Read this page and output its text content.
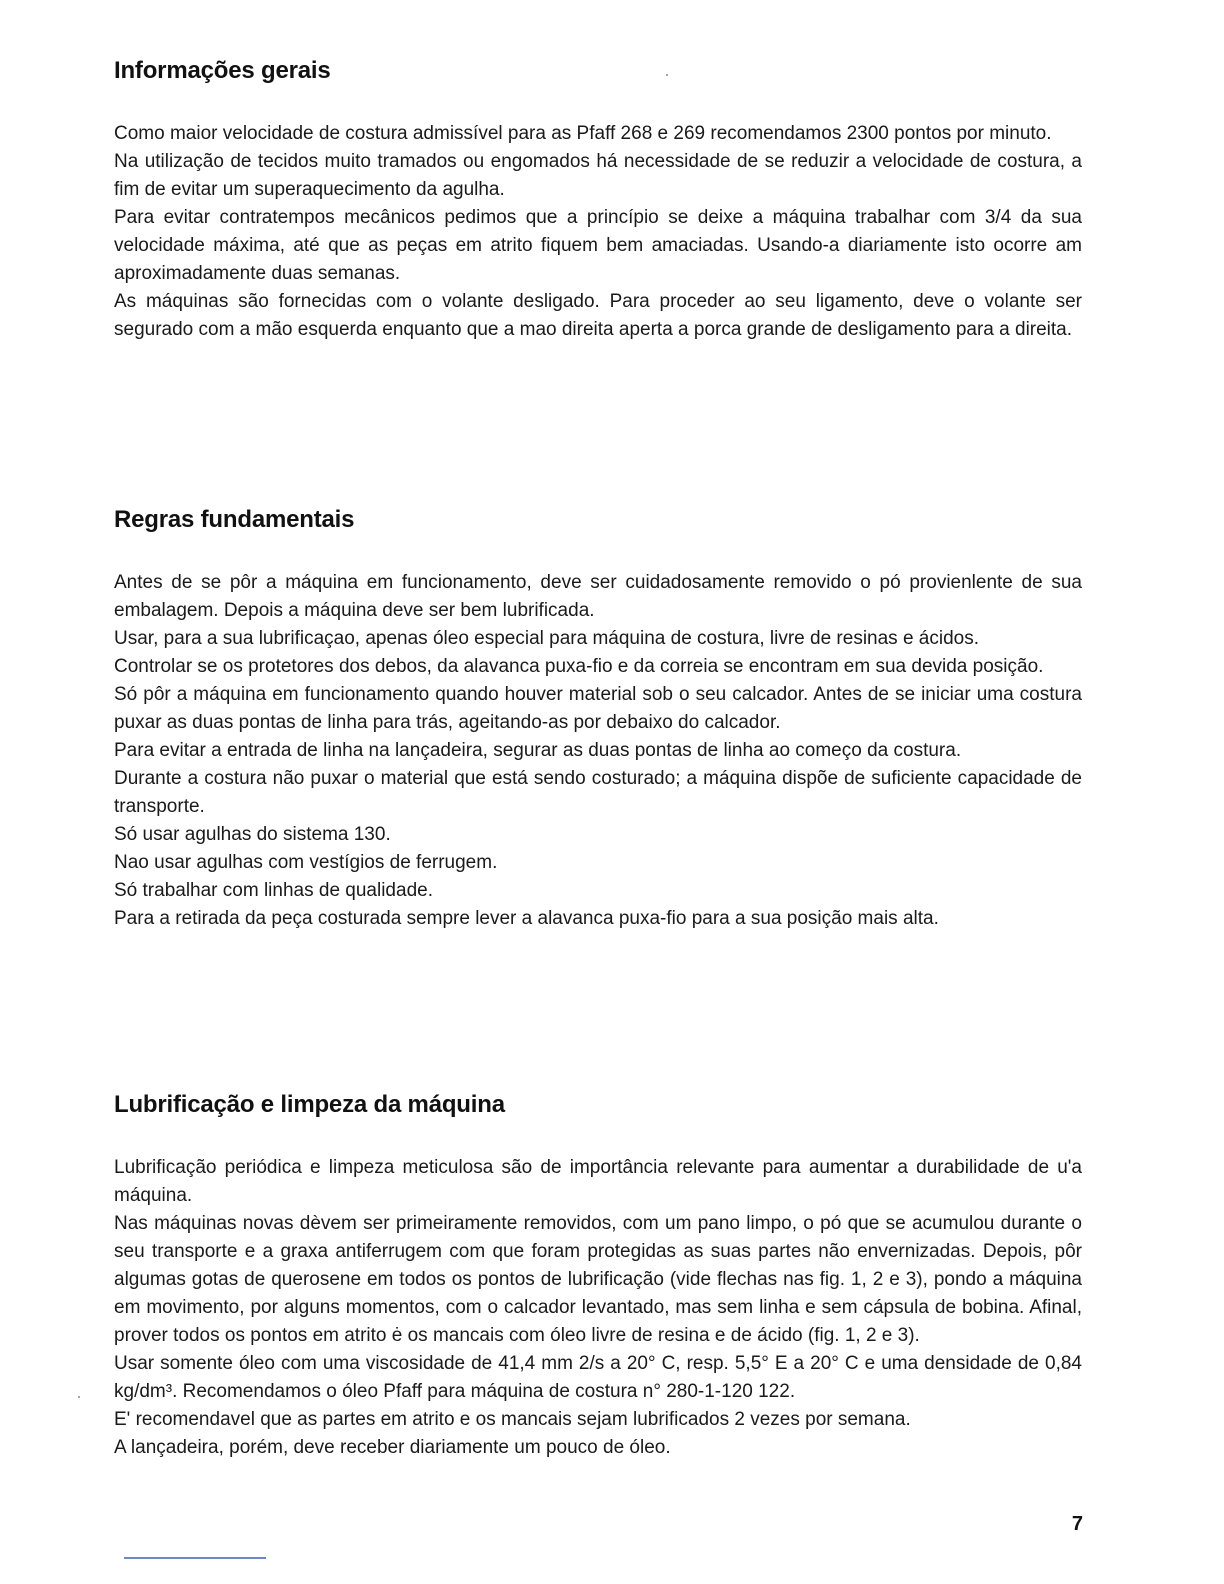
Informações gerais

Como maior velocidade de costura admissível para as Pfaff 268 e 269 recomendamos 2300 pontos por minuto.

Na utilização de tecidos muito tramados ou engomados há necessidade de se reduzir a velocidade de costura, a fim de evitar um superaquecimento da agulha.

Para evitar contratempos mecânicos pedimos que a princípio se deixe a máquina trabalhar com 3/4 da sua velocidade máxima, até que as peças em atrito fiquem bem amaciadas. Usando-a diariamente isto ocorre am aproximadamente duas semanas.

As máquinas são fornecidas com o volante desligado. Para proceder ao seu ligamento, deve o volante ser segurado com a mão esquerda enquanto que a mao direita aperta a porca grande de desligamento para a direita.

Regras fundamentais

Antes de se pôr a máquina em funcionamento, deve ser cuidadosamente removido o pó provienlente de sua embalagem. Depois a máquina deve ser bem lubrificada.

Usar, para a sua lubrificaçao, apenas óleo especial para máquina de costura, livre de resinas e ácidos.

Controlar se os protetores dos debos, da alavanca puxa-fio e da correia se encontram em sua devida posição.

Só pôr a máquina em funcionamento quando houver material sob o seu calcador. Antes de se iniciar uma costura puxar as duas pontas de linha para trás, ageitando-as por debaixo do calcador.

Para evitar a entrada de linha na lançadeira, segurar as duas pontas de linha ao começo da costura.

Durante a costura não puxar o material que está sendo costurado; a máquina dispõe de suficiente capacidade de transporte.

Só usar agulhas do sistema 130.

Nao usar agulhas com vestígios de ferrugem.

Só trabalhar com linhas de qualidade.

Para a retirada da peça costurada sempre lever a alavanca puxa-fio para a sua posição mais alta.

Lubrificação e limpeza da máquina

Lubrificação periódica e limpeza meticulosa são de importância relevante para aumentar a durabilidade de u'a máquina.

Nas máquinas novas dèvem ser primeiramente removidos, com um pano limpo, o pó que se acumulou durante o seu transporte e a graxa antiferrugem com que foram protegidas as suas partes não envernizadas. Depois, pôr algumas gotas de querosene em todos os pontos de lubrificação (vide flechas nas fig. 1, 2 e 3), pondo a máquina em movimento, por alguns momentos, com o calcador levantado, mas sem linha e sem cápsula de bobina. Afinal, prover todos os pontos em atrito ė os mancais com óleo livre de resina e de ácido (fig. 1, 2 e 3).

Usar somente óleo com uma viscosidade de 41,4 mm 2/s a 20° C, resp. 5,5° E a 20° C e uma densidade de 0,84 kg/dm³. Recomendamos o óleo Pfaff para máquina de costura n° 280-1-120 122.

E' recomendavel que as partes em atrito e os mancais sejam lubrificados 2 vezes por semana.

A lançadeira, porém, deve receber diariamente um pouco de óleo.

7
